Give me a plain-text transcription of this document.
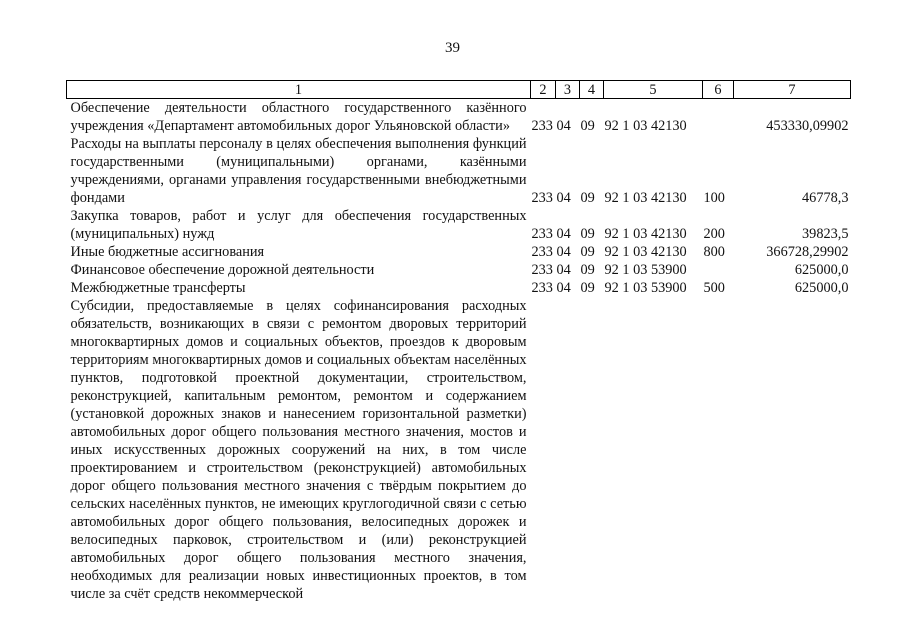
39
1	2	3	4	5	6	7
Обеспечение деятельности областного государственного казённого учреждения «Департамент автомобильных дорог Ульяновской области»	233	04	09	92 1 03 42130		453330,09902
Расходы на выплаты персоналу в целях обеспечения выполнения функций государственными (муниципальными) органами, казёнными учреждениями, органами управления государственными внебюджетными фондами	233	04	09	92 1 03 42130	100	46778,3
Закупка товаров, работ и услуг для обеспечения государственных (муниципальных) нужд	233	04	09	92 1 03 42130	200	39823,5
Иные бюджетные ассигнования	233	04	09	92 1 03 42130	800	366728,29902
Финансовое обеспечение дорожной деятельности	233	04	09	92 1 03 53900		625000,0
Межбюджетные трансферты	233	04	09	92 1 03 53900	500	625000,0
Субсидии, предоставляемые в целях софинансирования расходных обязательств, возникающих в связи с ремонтом дворовых территорий многоквартирных домов и социальных объектов, проездов к дворовым территориям многоквартирных домов и социальных объектам населённых пунктов, подготовкой проектной документации, строительством, реконструкцией, капитальным ремонтом, ремонтом и содержанием (установкой дорожных знаков и нанесением горизонтальной разметки) автомобильных дорог общего пользования местного значения, мостов и иных искусственных дорожных сооружений на них, в том числе проектированием и строительством (реконструкцией) автомобильных дорог общего пользования местного значения с твёрдым покрытием до сельских населённых пунктов, не имеющих круглогодичной связи с сетью автомобильных дорог общего пользования, велосипедных дорожек и велосипедных парковок, строительством и (или) реконструкцией автомобильных дорог общего пользования местного значения, необходимых для реализации новых инвестиционных проектов, в том числе за счёт средств некоммерческой						
